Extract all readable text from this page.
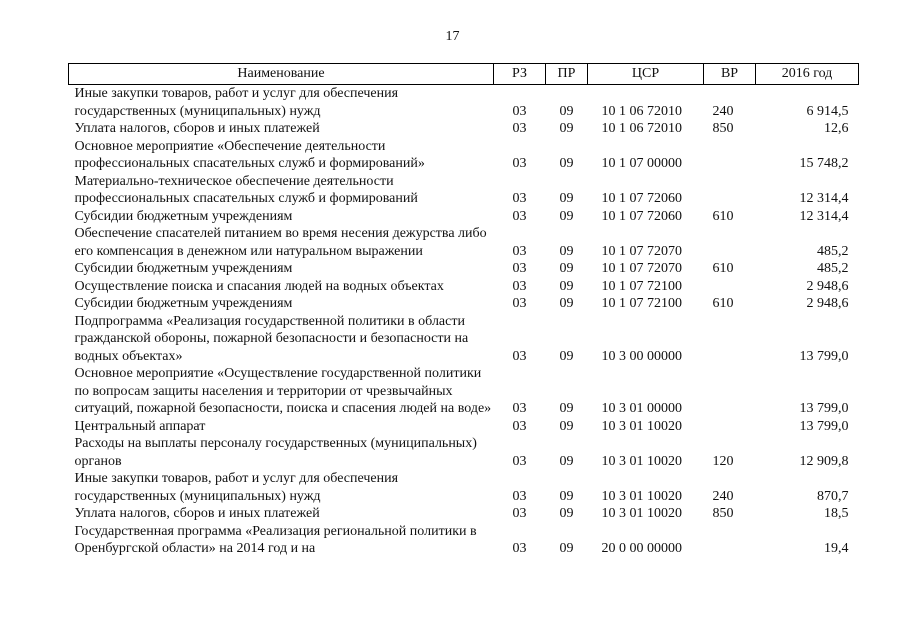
17
Наименование	РЗ	ПР	ЦСР	ВР	2016 год
Иные закупки товаров, работ и услуг для обеспечения государственных (муниципальных) нужд	03	09	10 1 06 72010	240	6 914,5
Уплата налогов, сборов и иных платежей	03	09	10 1 06 72010	850	12,6
Основное мероприятие «Обеспечение деятельности профессиональных спасательных служб и формирований»	03	09	10 1 07 00000		15 748,2
Материально-техническое обеспечение деятельности профессиональных спасательных служб и формирований	03	09	10 1 07 72060		12 314,4
Субсидии бюджетным учреждениям	03	09	10 1 07 72060	610	12 314,4
Обеспечение спасателей питанием во время несения дежурства либо его компенсация в денежном или натуральном выражении	03	09	10 1 07 72070		485,2
Субсидии бюджетным учреждениям	03	09	10 1 07 72070	610	485,2
Осуществление поиска и спасания людей на водных объектах	03	09	10 1 07 72100		2 948,6
Субсидии бюджетным учреждениям	03	09	10 1 07 72100	610	2 948,6
Подпрограмма «Реализация государственной политики в области гражданской обороны, пожарной безопасности и безопасности на водных объектах»	03	09	10 3 00 00000		13 799,0
Основное мероприятие «Осуществление государственной политики по вопросам защиты населения и территории от чрезвычайных ситуаций, пожарной безопасности, поиска и спасения людей на воде»	03	09	10 3 01 00000		13 799,0
Центральный аппарат	03	09	10 3 01 10020		13 799,0
Расходы на выплаты персоналу государственных (муниципальных) органов	03	09	10 3 01 10020	120	12 909,8
Иные закупки товаров, работ и услуг для обеспечения государственных (муниципальных) нужд	03	09	10 3 01 10020	240	870,7
Уплата налогов, сборов и иных платежей	03	09	10 3 01 10020	850	18,5
Государственная программа «Реализация региональной политики в Оренбургской области» на 2014 год и на	03	09	20 0 00 00000		19,4
